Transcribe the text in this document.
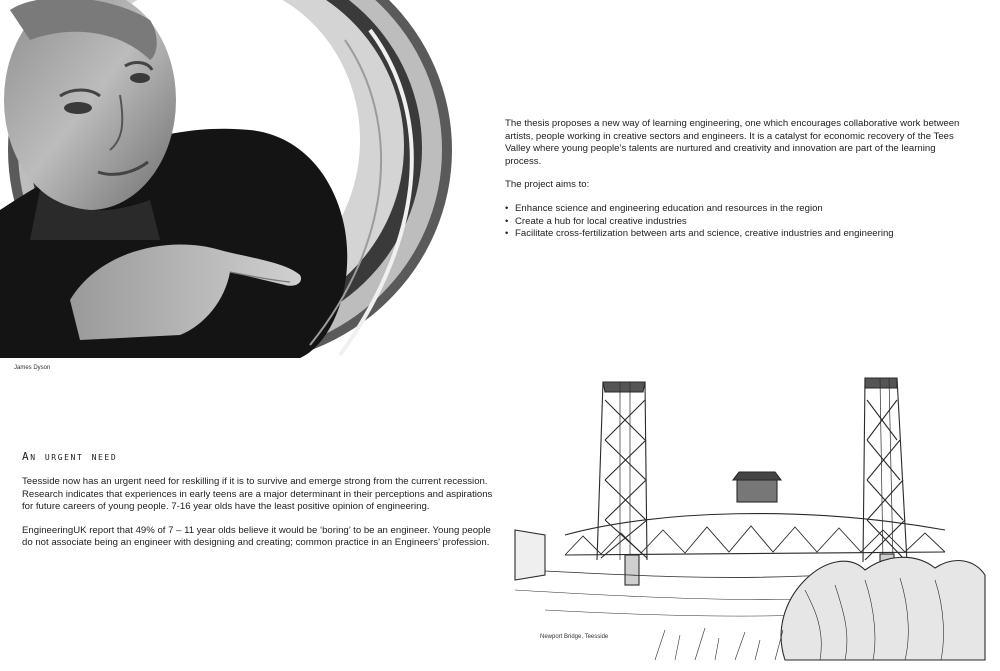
James Dyson

The thesis proposes a new way of learning engineering, one which encourages collaborative work between artists, people working in creative sectors and engineers. It is a catalyst for economic recovery of the Tees Valley where young people’s talents are nurtured and creativity and innovation are part of the learning process.

The project aims to:

• Enhance science and engineering education and resources in the region
• Create a hub for local creative industries
• Facilitate cross-fertilization between arts and science, creative industries and engineering
An urgent need

Teesside now has an urgent need for reskilling if it is to survive and emerge strong from the current recession. Research indicates that experiences in early teens are a major determinant in their perceptions and aspirations for future careers of young people. 7-16 year olds have the least positive opinion of engineering.

EngineeringUK report that 49% of 7 – 11 year olds believe it would be ‘boring’ to be an engineer. Young people do not associate being an engineer with designing and creating; common practice in an Engineers’ profession.

Newport Bridge, Teesside
